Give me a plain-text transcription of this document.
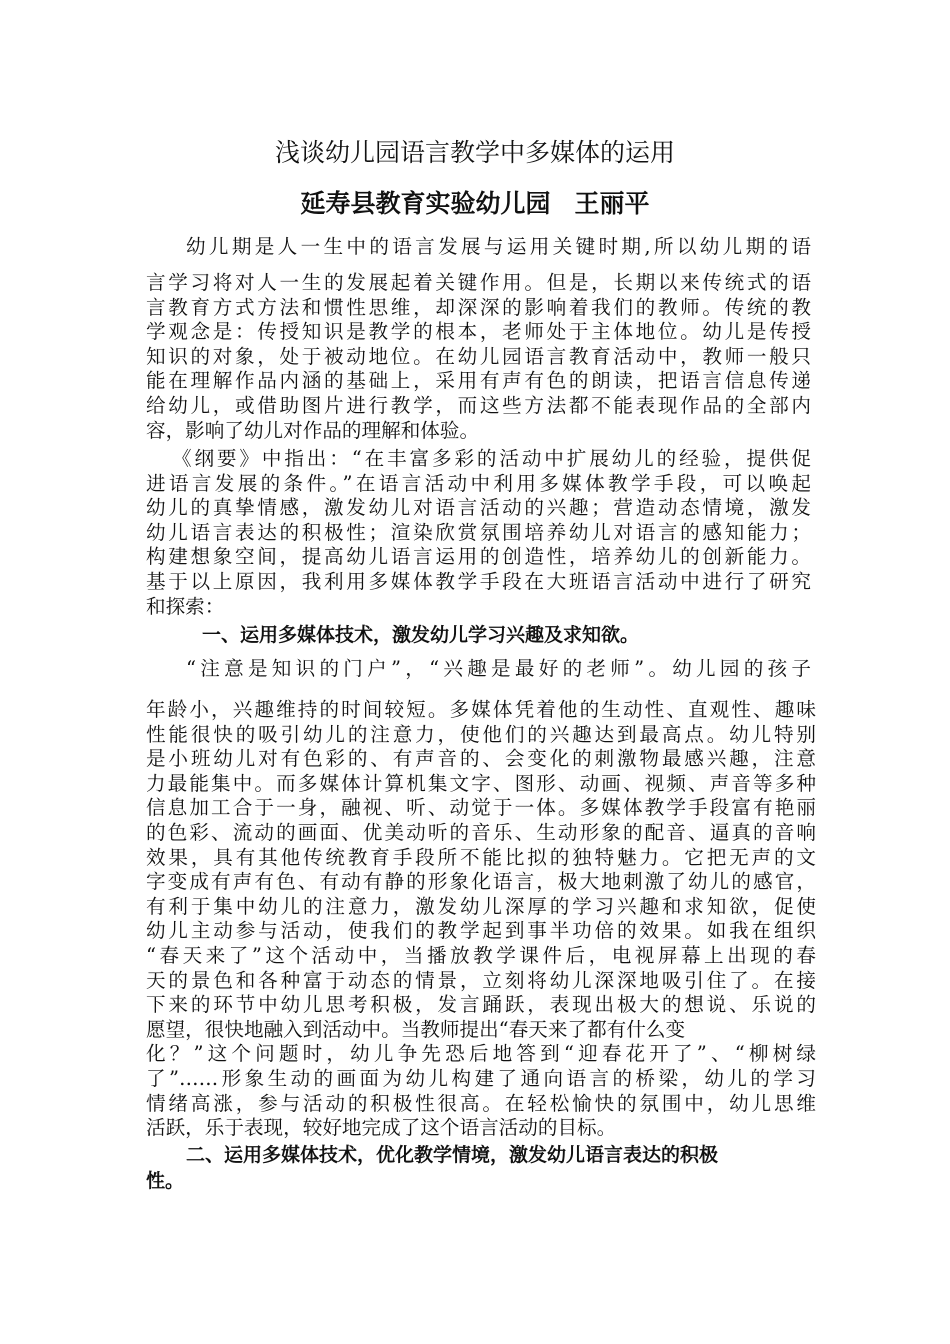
浅谈幼儿园语言教学中多媒体的运用
延寿县教育实验幼儿园 王丽平

幼儿期是人一生中的语言发展与运用关键时期,所以幼儿期的语

言学习将对人一生的发展起着关键作用。但是，长期以来传统式的语
言教育方式方法和惯性思维，却深深的影响着我们的教师。传统的教
学观念是：传授知识是教学的根本，老师处于主体地位。幼儿是传授
知识的对象，处于被动地位。在幼儿园语言教育活动中，教师一般只
能在理解作品内涵的基础上，采用有声有色的朗读，把语言信息传递
给幼儿，或借助图片进行教学，而这些方法都不能表现作品的全部内
容，影响了幼儿对作品的理解和体验。

《纲要》中指出：“在丰富多彩的活动中扩展幼儿的经验，提供促
进语言发展的条件。”在语言活动中利用多媒体教学手段，可以唤起
幼儿的真挚情感，激发幼儿对语言活动的兴趣；营造动态情境，激发
幼儿语言表达的积极性；渲染欣赏氛围培养幼儿对语言的感知能力；
构建想象空间，提高幼儿语言运用的创造性，培养幼儿的创新能力。
基于以上原因，我利用多媒体教学手段在大班语言活动中进行了研究
和探索：

一、运用多媒体技术，激发幼儿学习兴趣及求知欲。

“注意是知识的门户”，“兴趣是最好的老师”。幼儿园的孩子

年龄小，兴趣维持的时间较短。多媒体凭着他的生动性、直观性、趣味
性能很快的吸引幼儿的注意力，使他们的兴趣达到最高点。幼儿特别
是小班幼儿对有色彩的、有声音的、会变化的刺激物最感兴趣，注意
力最能集中。而多媒体计算机集文字、图形、动画、视频、声音等多种
信息加工合于一身，融视、听、动觉于一体。多媒体教学手段富有艳丽
的色彩、流动的画面、优美动听的音乐、生动形象的配音、逼真的音响
效果，具有其他传统教育手段所不能比拟的独特魅力。它把无声的文
字变成有声有色、有动有静的形象化语言，极大地刺激了幼儿的感官，
有利于集中幼儿的注意力，激发幼儿深厚的学习兴趣和求知欲，促使
幼儿主动参与活动，使我们的教学起到事半功倍的效果。如我在组织
“春天来了”这个活动中，当播放教学课件后，电视屏幕上出现的春
天的景色和各种富于动态的情景，立刻将幼儿深深地吸引住了。在接
下来的环节中幼儿思考积极，发言踊跃，表现出极大的想说、乐说的
愿望，很快地融入到活动中。当教师提出“春天来了都有什么变
化？”这个问题时，幼儿争先恐后地答到“迎春花开了”、“柳树绿
了”……形象生动的画面为幼儿构建了通向语言的桥梁，幼儿的学习
情绪高涨，参与活动的积极性很高。在轻松愉快的氛围中，幼儿思维
活跃，乐于表现，较好地完成了这个语言活动的目标。

二、运用多媒体技术，优化教学情境，激发幼儿语言表达的积极

性。
